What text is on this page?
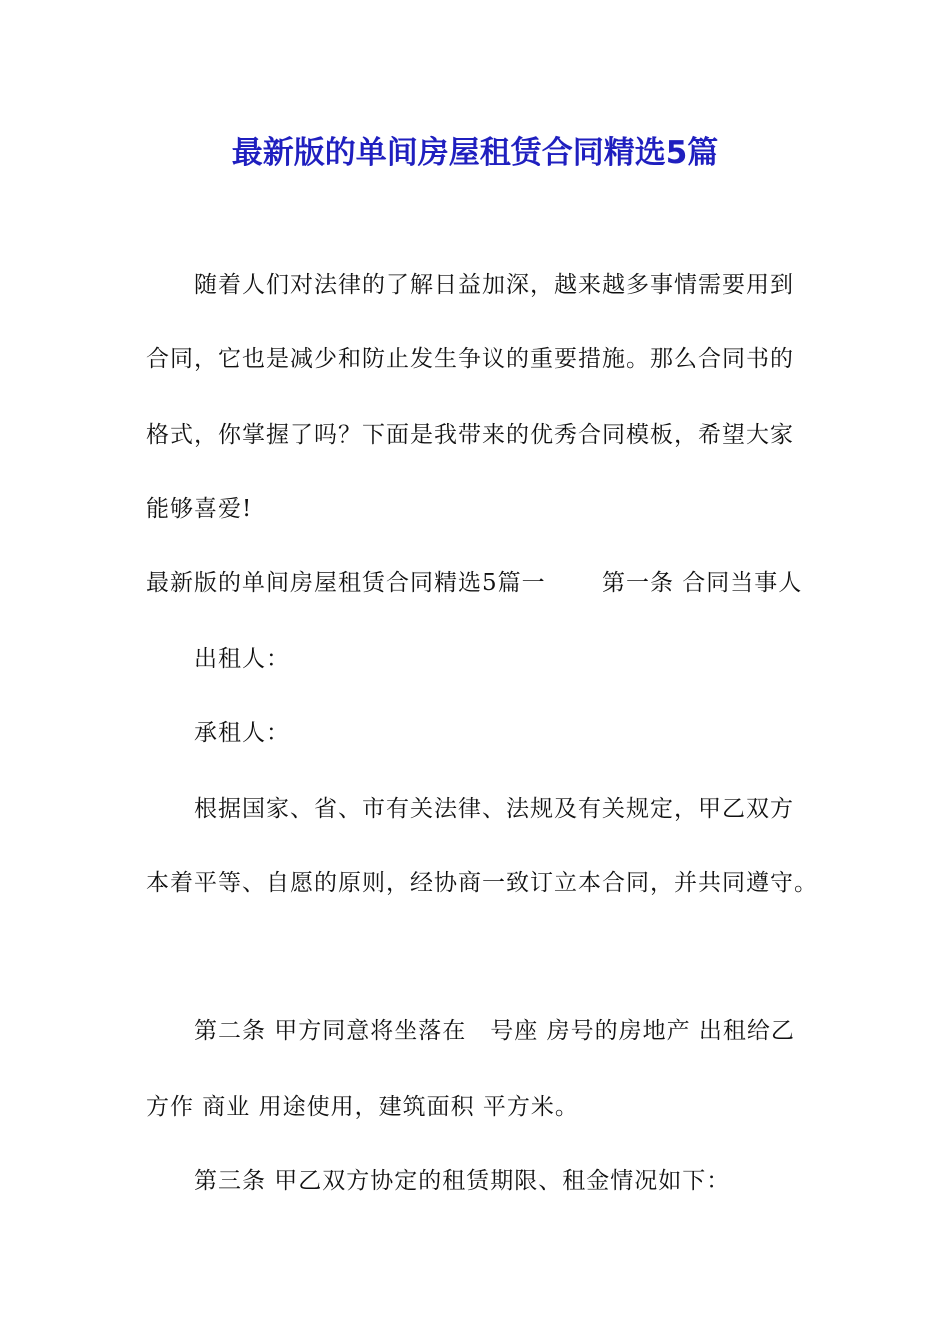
最新版的单间房屋租赁合同精选5篇
随着人们对法律的了解日益加深，越来越多事情需要用到
合同，它也是减少和防止发生争议的重要措施。那么合同书的
格式，你掌握了吗？下面是我带来的优秀合同模板，希望大家
能够喜爱!
最新版的单间房屋租赁合同精选5篇一　　 第一条 合同当事人
出租人：
承租人：
根据国家、省、市有关法律、法规及有关规定，甲乙双方
本着平等、自愿的原则，经协商一致订立本合同，并共同遵守。
第二条 甲方同意将坐落在　号座 房号的房地产 出租给乙
方作 商业 用途使用，建筑面积 平方米。
第三条 甲乙双方协定的租赁期限、租金情况如下：
